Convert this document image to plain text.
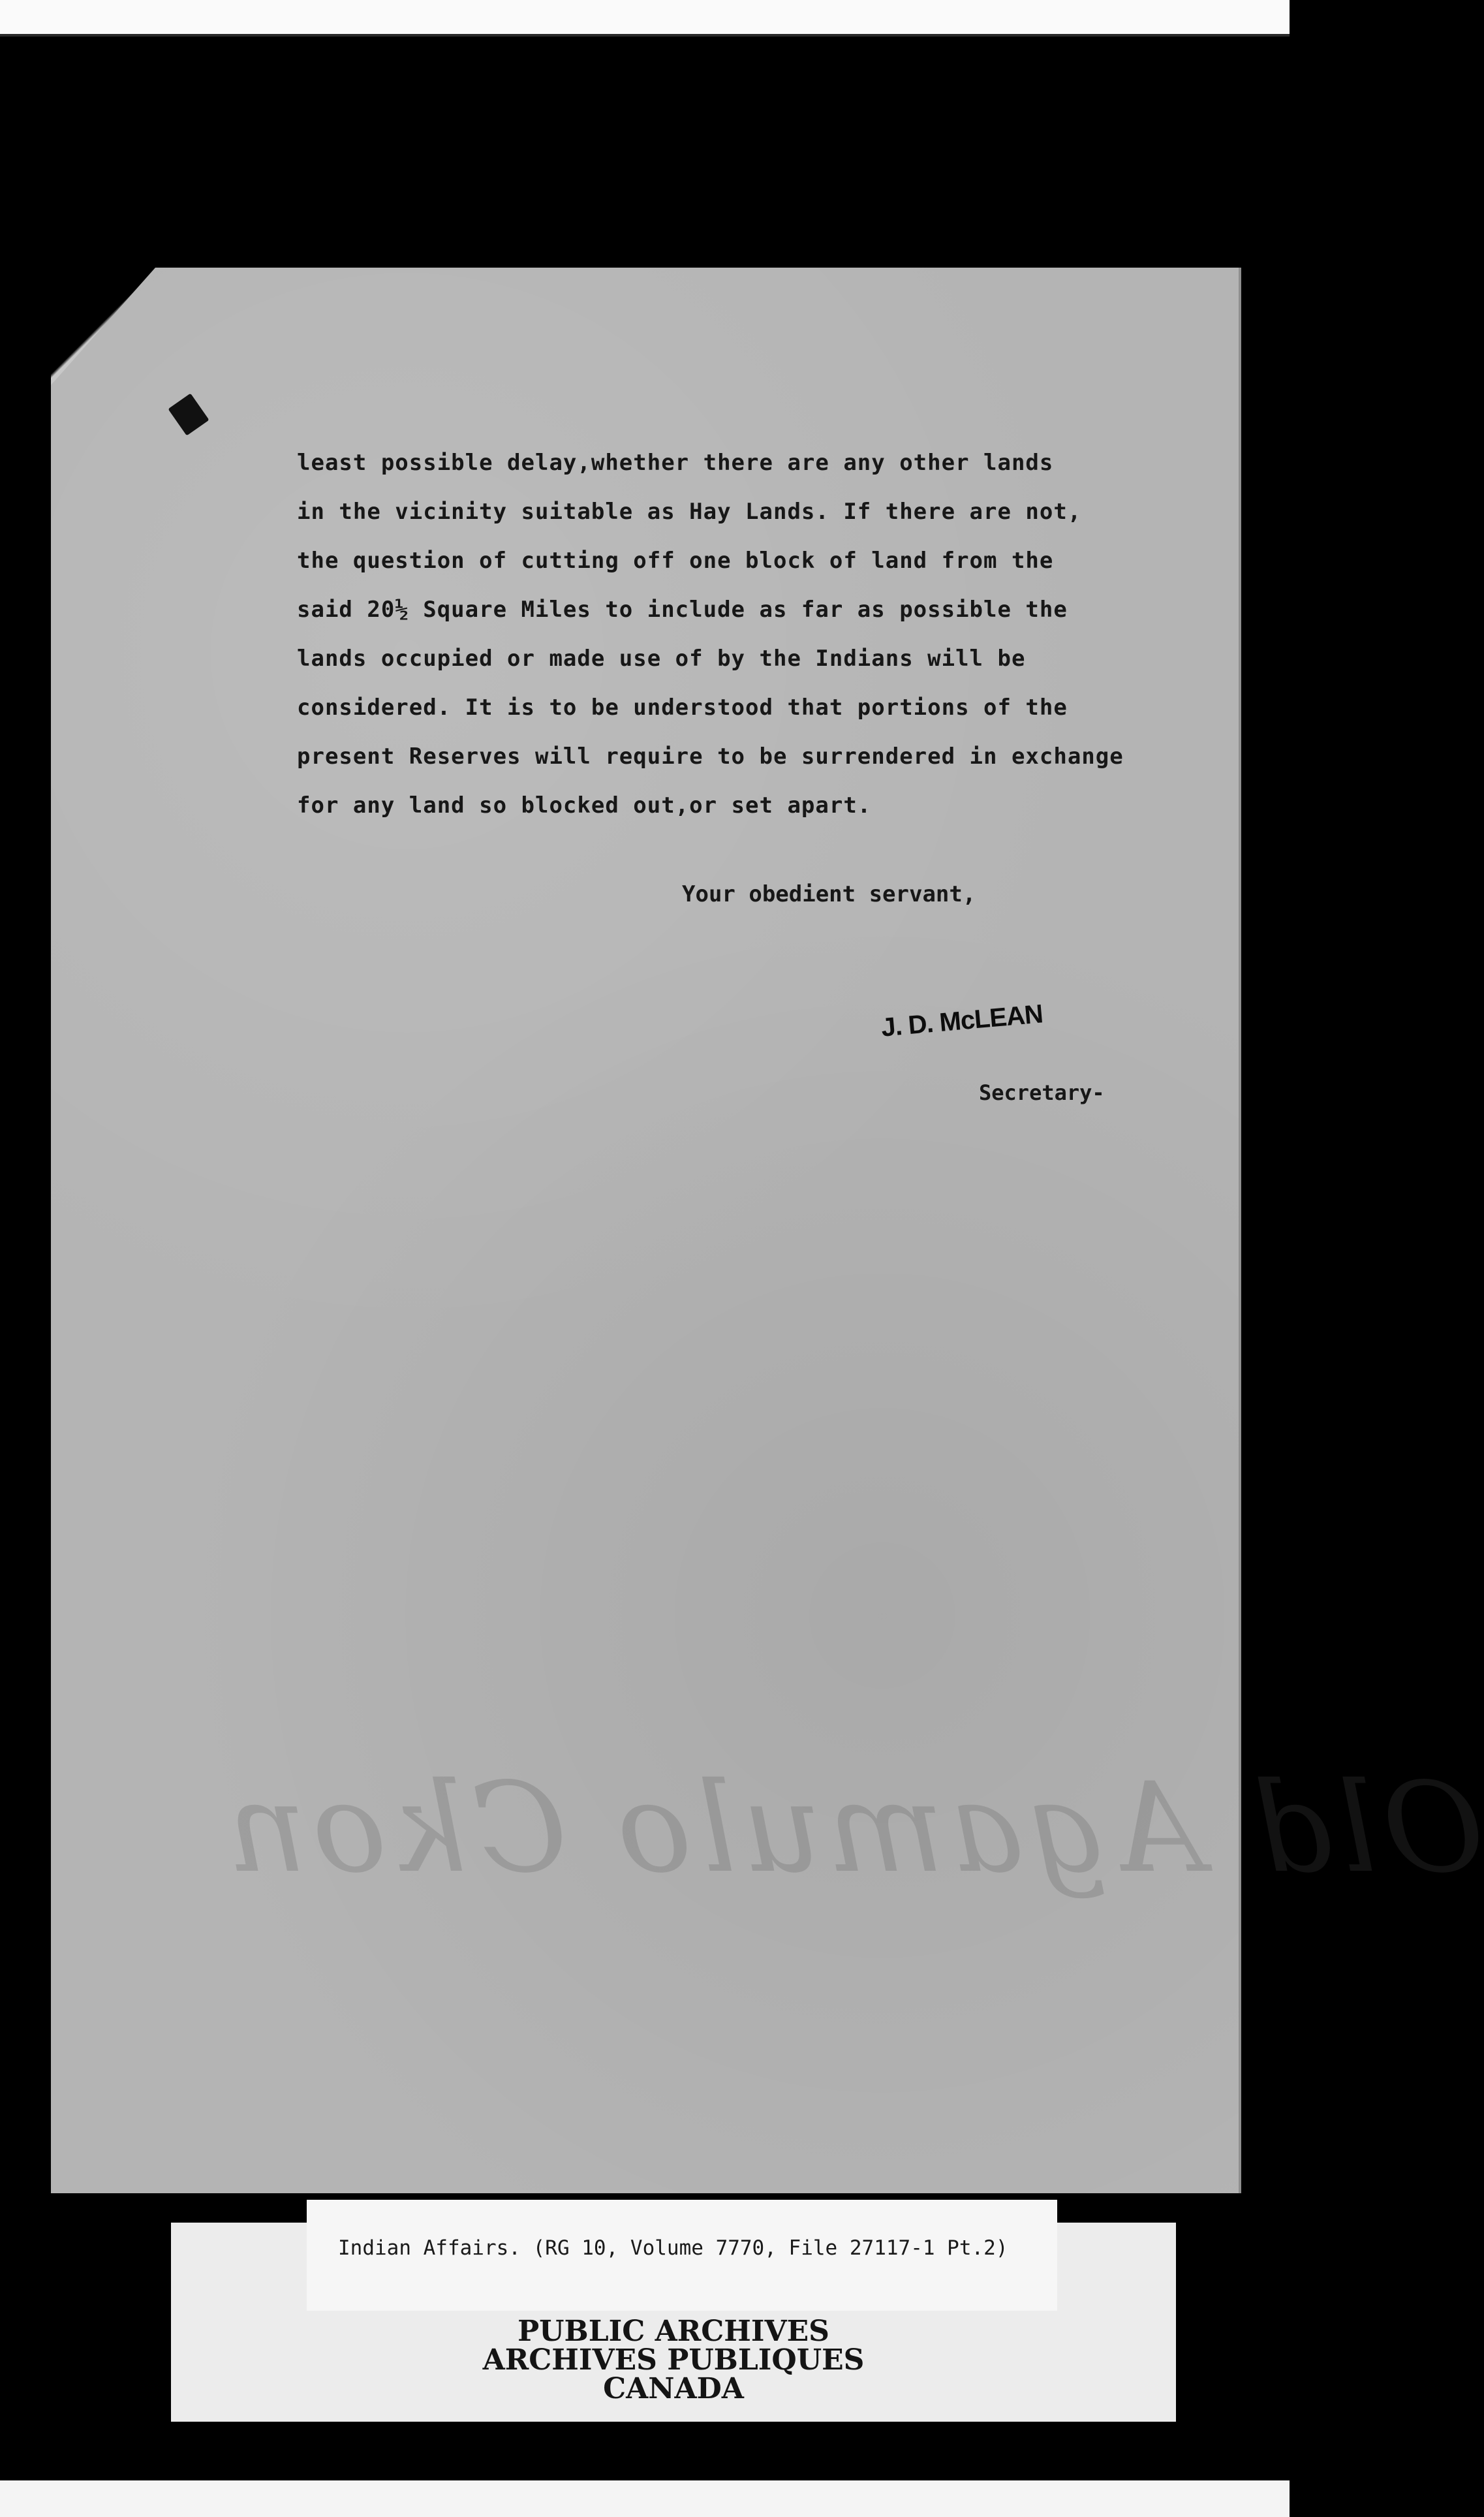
least possible delay,whether there are any other lands
in the vicinity suitable as Hay Lands. If there are not,
the question of cutting off one block of land from the
said 20½ Square Miles to include as far as possible the
lands occupied or made use of by the Indians will be
considered. It is to be understood that portions of the
present Reserves will require to be surrendered in exchange
for any land so blocked out,or set apart.
Your obedient servant,
J. D. McLEAN
Secretary-
Old Agamulo Ckon
PUBLIC ARCHIVES
ARCHIVES PUBLIQUES
CANADA
Indian Affairs. (RG 10, Volume 7770, File 27117-1 Pt.2)
